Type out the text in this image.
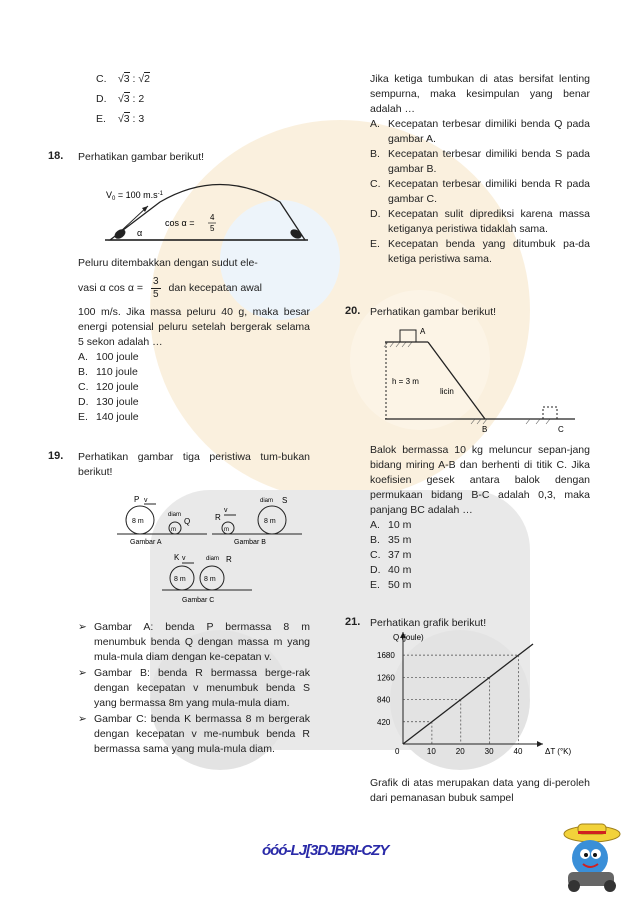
C.	√3 : √2
D.	√3 : 2
E.	√3 : 3
18. Perhatikan gambar berikut!
$V_0 = 100$ $m.s^{-1}$
α
cos α =
4
5
Peluru ditembakkan dengan sudut ele-
vasi α $\cos \alpha = \frac{3}{5}$ dan kecepatan awal
100 m/s. Jika massa peluru 40 g, maka besar energi potensial peluru setelah bergerak selama 5 sekon adalah …
A. 100 joule
B. 110 joule
C. 120 joule
D. 130 joule
E. 140 joule
19. Perhatikan gambar tiga peristiwa tum-bukan berikut!
8 m
m
P v
diam
Q
Gambar A
m
8 m
R
v
diam S
Gambar B
8 m	8 m
K v	diam R
Gambar C
➢ Gambar A: benda P bermassa 8 m menumbuk benda Q dengan massa m yang mula-mula diam dengan ke-cepatan v.
➢ Gambar B: benda R bermassa berge-rak dengan kecepatan v menumbuk benda S yang bermassa 8m yang mula-mula diam.
➢ Gambar C: benda K bermassa 8 m bergerak dengan kecepatan v me-numbuk benda R bermassa sama yang mula-mula diam.
Jika ketiga tumbukan di atas bersifat lenting sempurna, maka kesimpulan yang benar adalah …
A. Kecepatan terbesar dimiliki benda Q pada gambar A.
B. Kecepatan terbesar dimiliki benda S pada gambar B.
C. Kecepatan terbesar dimiliki benda R pada gambar C.
D. Kecepatan sulit diprediksi karena massa ketiganya peristiwa tidaklah sama.
E. Kecepatan benda yang ditumbuk pa-da ketiga peristiwa sama.
20. Perhatikan gambar berikut!
A
h = 3 m
licin
B	C
Balok bermassa 10 kg meluncur sepan-jang bidang miring A-B dan berhenti di titik C. Jika koefisien gesek antara balok dengan permukaan bidang B-C adalah 0,3, maka panjang BC adalah …
A. 10 m
B. 35 m
C. 37 m
D. 40 m
E. 50 m
21. Perhatikan grafik berikut!
10
420
20
840
30
1260
40
1680
0
Q (joule)
ΔT (°K)
Grafik di atas merupakan data yang di-peroleh dari pemanasan bubuk sampel
óóó-LJ[3DJBRI-CZY
